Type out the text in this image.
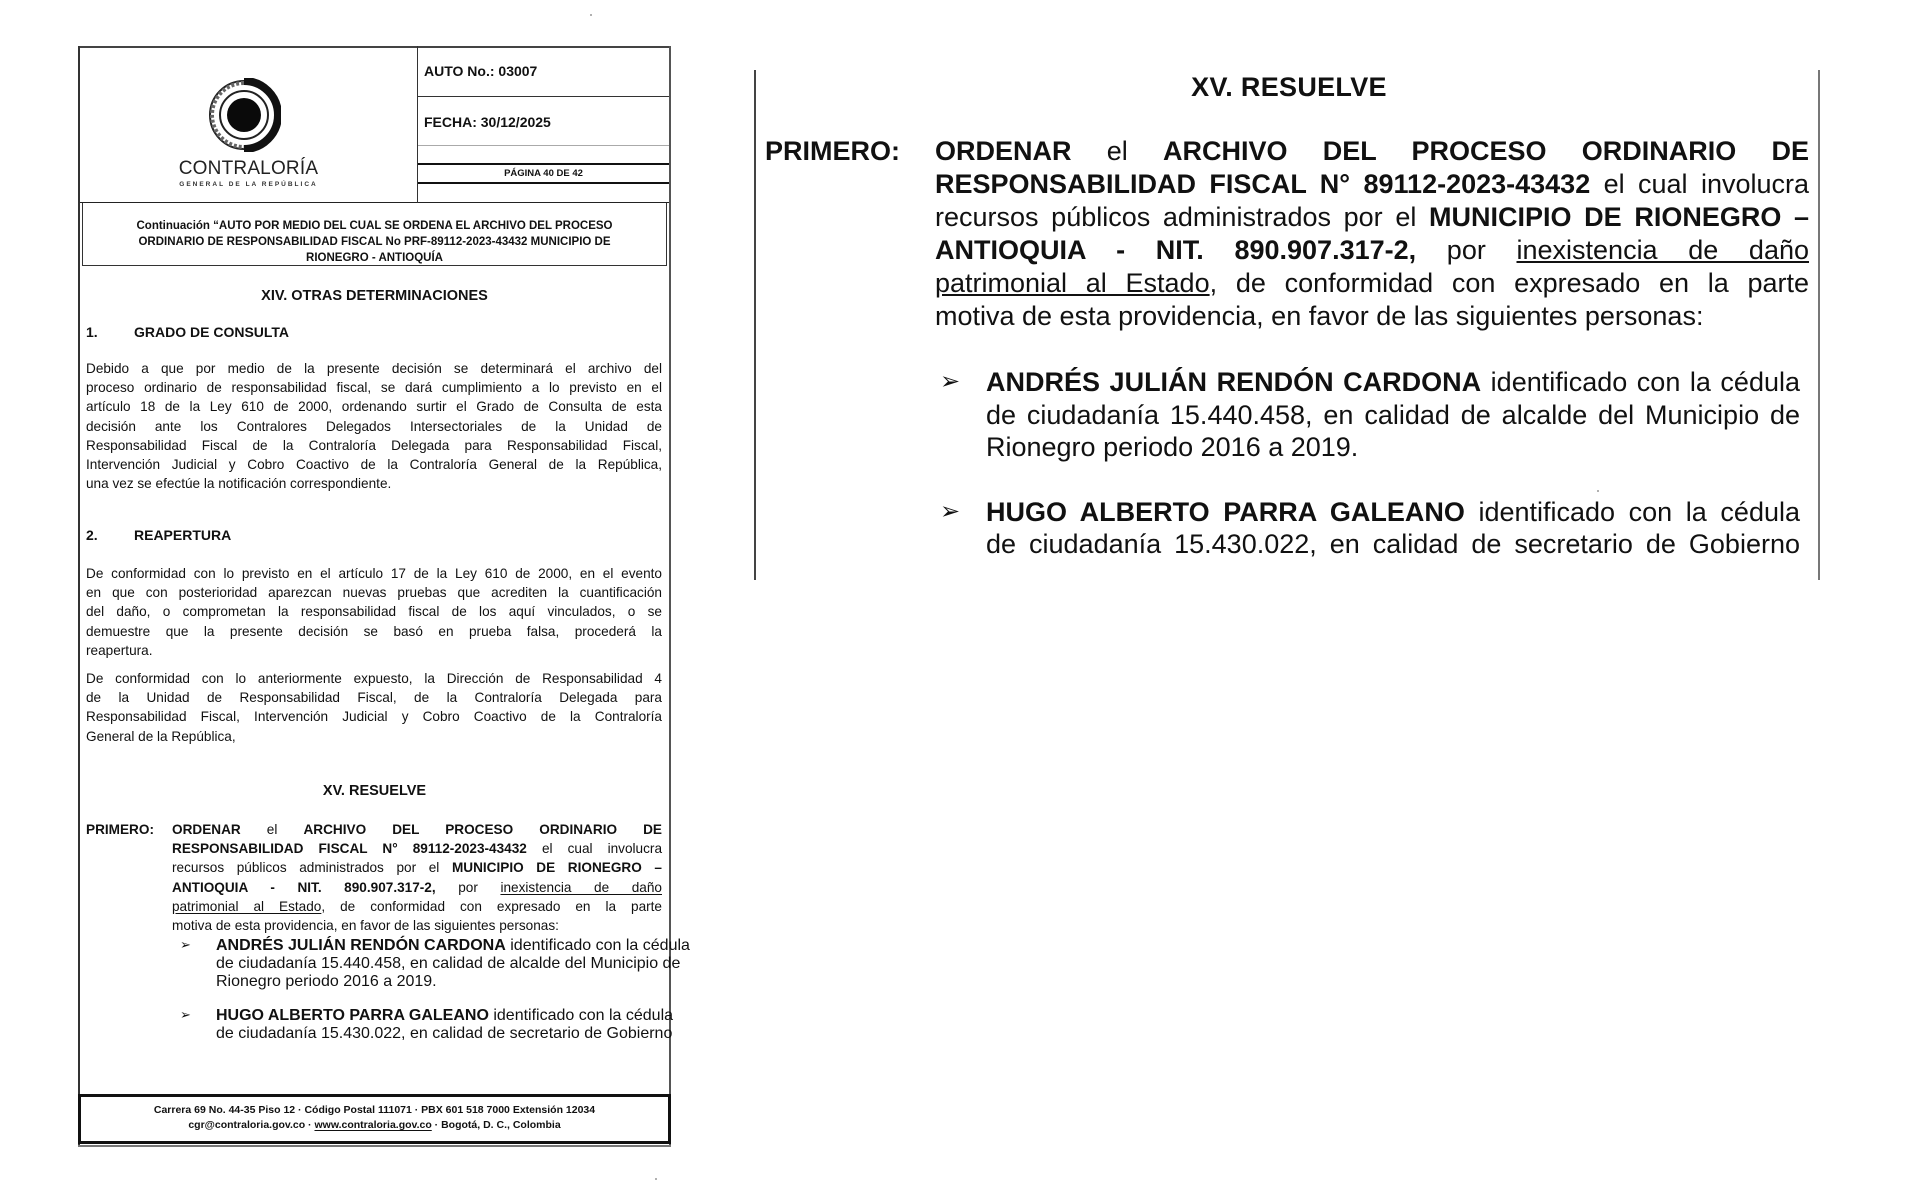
CONTRALORÍA
GENERAL DE LA REPÚBLICA
AUTO No.: 03007
FECHA: 30/12/2025
PÁGINA 40 DE 42
Continuación “AUTO POR MEDIO DEL CUAL SE ORDENA EL ARCHIVO DEL PROCESO
ORDINARIO DE RESPONSABILIDAD FISCAL No PRF-89112-2023-43432 MUNICIPIO DE
RIONEGRO - ANTIOQUÍA
XIV. OTRAS DETERMINACIONES
1.	GRADO DE CONSULTA
Debido a que por medio de la presente decisión se determinará el archivo del
proceso ordinario de responsabilidad fiscal, se dará cumplimiento a lo previsto en el
artículo 18 de la Ley 610 de 2000, ordenando surtir el Grado de Consulta de esta
decisión ante los Contralores Delegados Intersectoriales de la Unidad de
Responsabilidad Fiscal de la Contraloría Delegada para Responsabilidad Fiscal,
Intervención Judicial y Cobro Coactivo de la Contraloría General de la República,
una vez se efectúe la notificación correspondiente.
2.	REAPERTURA
De conformidad con lo previsto en el artículo 17 de la Ley 610 de 2000, en el evento
en que con posterioridad aparezcan nuevas pruebas que acrediten la cuantificación
del daño, o comprometan la responsabilidad fiscal de los aquí vinculados, o se
demuestre que la presente decisión se basó en prueba falsa, procederá la
reapertura.
De conformidad con lo anteriormente expuesto, la Dirección de Responsabilidad 4
de la Unidad de Responsabilidad Fiscal, de la Contraloría Delegada para
Responsabilidad Fiscal, Intervención Judicial y Cobro Coactivo de la Contraloría
General de la República,
XV. RESUELVE
PRIMERO: ORDENAR el ARCHIVO DEL PROCESO ORDINARIO DE
RESPONSABILIDAD FISCAL N° 89112-2023-43432 el cual involucra
recursos públicos administrados por el MUNICIPIO DE RIONEGRO –
ANTIOQUIA - NIT. 890.907.317-2, por inexistencia de daño
patrimonial al Estado, de conformidad con expresado en la parte
motiva de esta providencia, en favor de las siguientes personas:
➢ ANDRÉS JULIÁN RENDÓN CARDONA identificado con la cédula
de ciudadanía 15.440.458, en calidad de alcalde del Municipio de
Rionegro periodo 2016 a 2019.
➢ HUGO ALBERTO PARRA GALEANO identificado con la cédula
de ciudadanía 15.430.022, en calidad de secretario de Gobierno
Carrera 69 No. 44-35 Piso 12 · Código Postal 111071 · PBX 601 518 7000 Extensión 12034
cgr@contraloria.gov.co · www.contraloria.gov.co · Bogotá, D. C., Colombia
XV. RESUELVE
PRIMERO: ORDENAR el ARCHIVO DEL PROCESO ORDINARIO DE
RESPONSABILIDAD FISCAL N° 89112-2023-43432 el cual involucra
recursos públicos administrados por el MUNICIPIO DE RIONEGRO –
ANTIOQUIA - NIT. 890.907.317-2, por inexistencia de daño
patrimonial al Estado, de conformidad con expresado en la parte
motiva de esta providencia, en favor de las siguientes personas:
➢ ANDRÉS JULIÁN RENDÓN CARDONA identificado con la cédula
de ciudadanía 15.440.458, en calidad de alcalde del Municipio de
Rionegro periodo 2016 a 2019.
➢ HUGO ALBERTO PARRA GALEANO identificado con la cédula
de ciudadanía 15.430.022, en calidad de secretario de Gobierno
